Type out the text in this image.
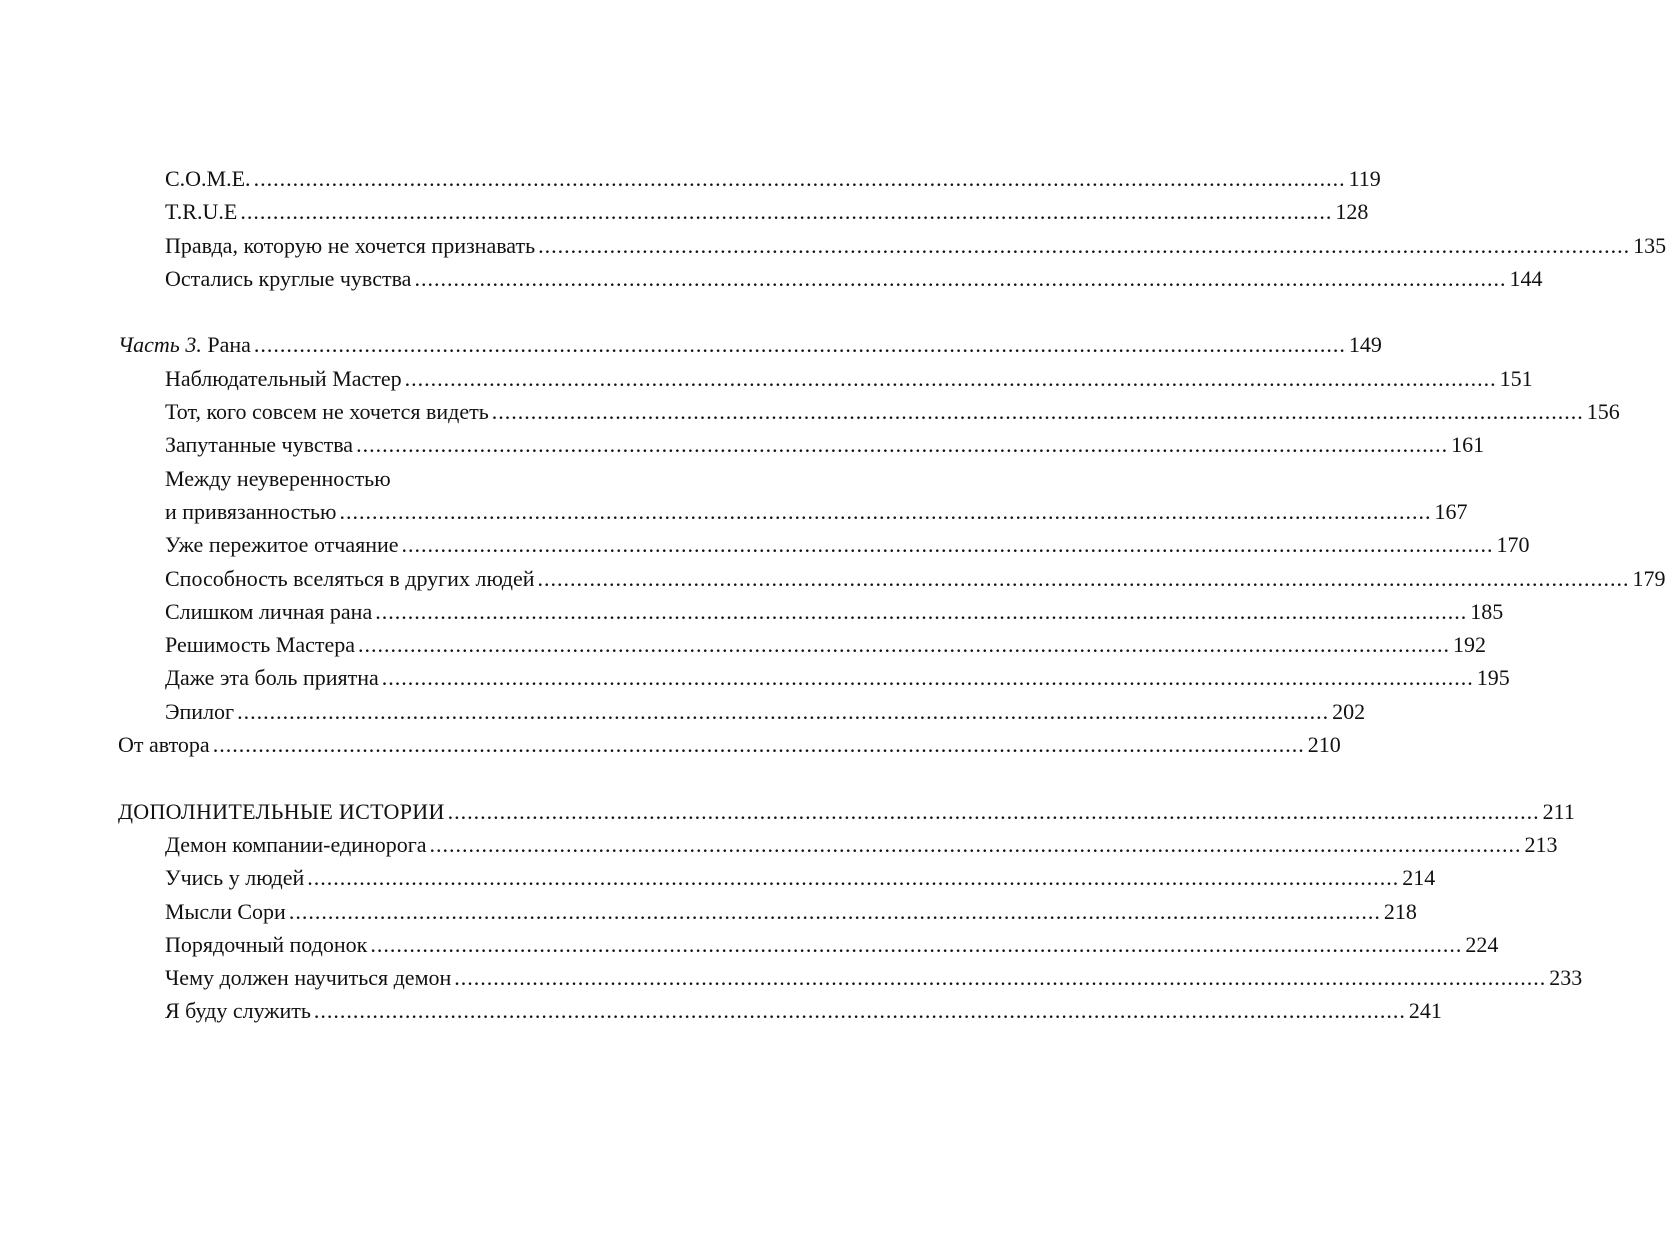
C.O.M.E. .....	119
T.R.U.E .....	128
Правда, которую не хочется признавать .....	135
Остались круглые чувства .....	144
Часть 3. Рана .....	149
Наблюдательный Мастер .....	151
Тот, кого совсем не хочется видеть .....	156
Запутанные чувства .....	161
Между неуверенностью
и привязанностью .....	167
Уже пережитое отчаяние .....	170
Способность вселяться в других людей .....	179
Слишком личная рана .....	185
Решимость Мастера .....	192
Даже эта боль приятна .....	195
Эпилог .....	202
От автора .....	210
ДОПОЛНИТЕЛЬНЫЕ ИСТОРИИ .....	211
Демон компании-единорога .....	213
Учись у людей .....	214
Мысли Сори .....	218
Порядочный подонок .....	224
Чему должен научиться демон .....	233
Я буду служить .....	241
